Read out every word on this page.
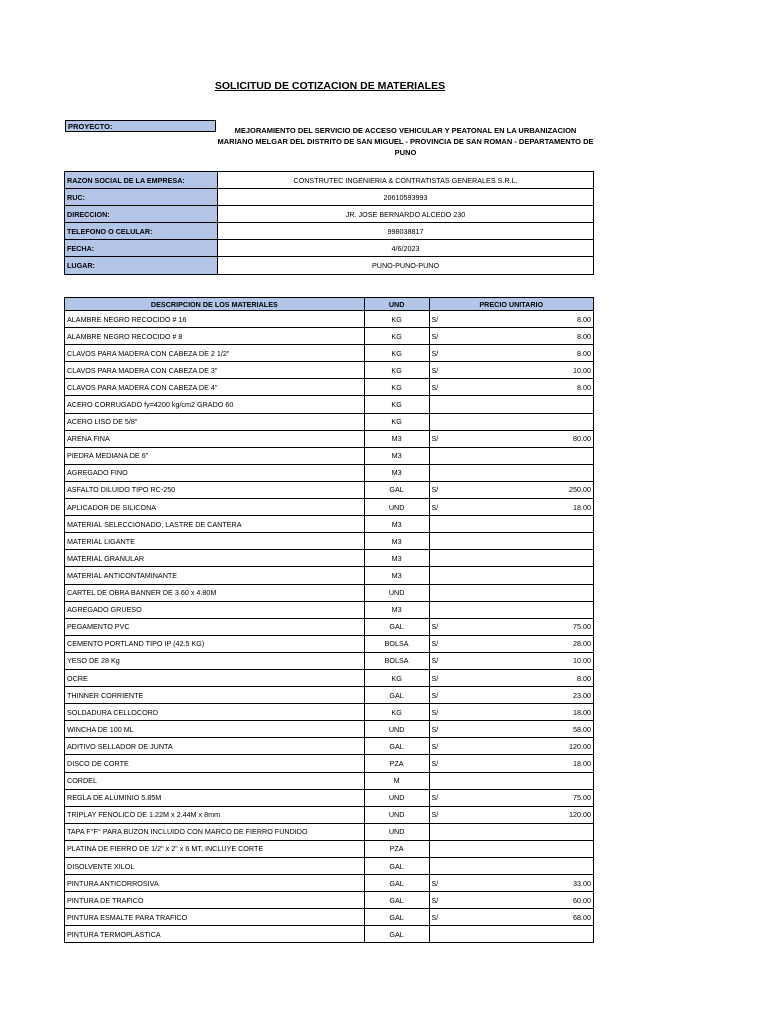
SOLICITUD DE COTIZACION DE MATERIALES
PROYECTO:	MEJORAMIENTO DEL SERVICIO DE ACCESO VEHICULAR Y PEATONAL EN LA URBANIZACION MARIANO MELGAR DEL DISTRITO DE SAN MIGUEL - PROVINCIA DE SAN ROMAN - DEPARTAMENTO DE PUNO
RAZON SOCIAL DE LA EMPRESA:	CONSTRUTEC INGENIERIA & CONTRATISTAS GENERALES S.R.L.
RUC:	20610593993
DIRECCION:	JR. JOSE BERNARDO ALCEDO 230
TELEFONO O CELULAR:	998038817
FECHA:	4/6/2023
LUGAR:	PUNO-PUNO-PUNO
DESCRIPCION DE LOS MATERIALES	UND	PRECIO UNITARIO
ALAMBRE NEGRO RECOCIDO # 16	KG	S/ 8.00

ALAMBRE NEGRO RECOCIDO # 8	KG	S/ 8.00

CLAVOS PARA MADERA CON CABEZA DE 2 1/2"	KG	S/ 8.00

CLAVOS PARA MADERA CON CABEZA DE 3"	KG	S/ 10.00

CLAVOS PARA MADERA CON CABEZA DE 4"	KG	S/ 8.00

ACERO CORRUGADO fy=4200 kg/cm2 GRADO 60	KG	

ACERO LISO DE 5/8"	KG	

ARENA FINA	M3	S/ 80.00

PIEDRA MEDIANA DE 6"	M3	

AGREGADO FINO	M3	

ASFALTO DILUIDO TIPO RC-250	GAL	S/ 250.00

APLICADOR DE SILICONA	UND	S/ 18.00

MATERIAL SELECCIONADO, LASTRE DE CANTERA	M3	

MATERIAL LIGANTE	M3	

MATERIAL GRANULAR	M3	

MATERIAL ANTICONTAMINANTE	M3	

CARTEL DE OBRA BANNER DE 3.60 x 4.80M	UND	

AGREGADO GRUESO	M3	

PEGAMENTO PVC	GAL	S/ 75.00

CEMENTO PORTLAND TIPO IP (42.5 KG)	BOLSA	S/ 28.00

YESO DE 28 Kg	BOLSA	S/ 10.00

OCRE	KG	S/ 8.00

THINNER CORRIENTE	GAL	S/ 23.00

SOLDADURA CELLOCORD	KG	S/ 18.00

WINCHA DE 100 ML	UND	S/ 58.00

ADITIVO SELLADOR DE JUNTA	GAL	S/ 120.00

DISCO DE CORTE	PZA	S/ 18.00

CORDEL	M	

REGLA DE ALUMINIO 5.85M	UND	S/ 75.00

TRIPLAY FENOLICO DE 1.22M x 2.44M x 8mm	UND	S/ 120.00

TAPA F°F° PARA BUZON INCLUIDO CON MARCO DE FIERRO FUNDIDO	UND	

PLATINA DE FIERRO DE 1/2" x 2" x 6 MT, INCLUYE CORTE	PZA	

DISOLVENTE XILOL	GAL	

PINTURA ANTICORROSIVA	GAL	S/ 33.00

PINTURA DE TRAFICO	GAL	S/ 60.00

PINTURA ESMALTE PARA TRAFICO	GAL	S/ 68.00

PINTURA TERMOPLASTICA	GAL	
